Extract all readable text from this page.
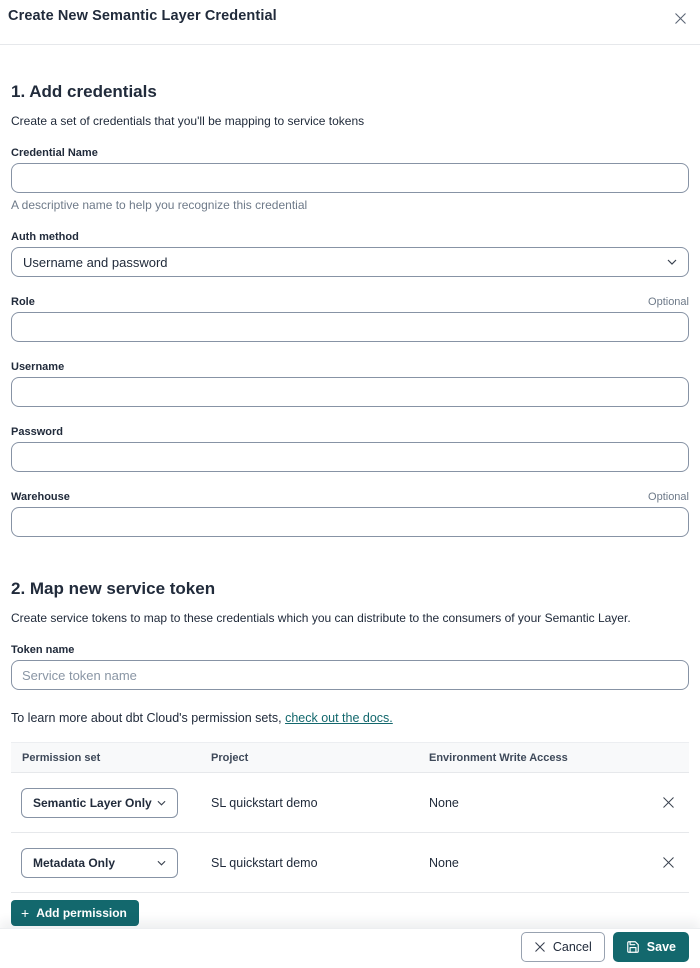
Create New Semantic Layer Credential
1. Add credentials

Create a set of credentials that you'll be mapping to service tokens

Credential Name
A descriptive name to help you recognize this credential
Auth method
Username and password
Role	Optional
Username
Password
Warehouse	Optional
2. Map new service token

Create service tokens to map to these credentials which you can distribute to the consumers of your Semantic Layer.

Token name
Service token name

To learn more about dbt Cloud's permission sets, check out the docs.

Permission set	Project	Environment Write Access
Semantic Layer Only	SL quickstart demo	None
Metadata Only	SL quickstart demo	None
+ Add permission
Cancel	Save
